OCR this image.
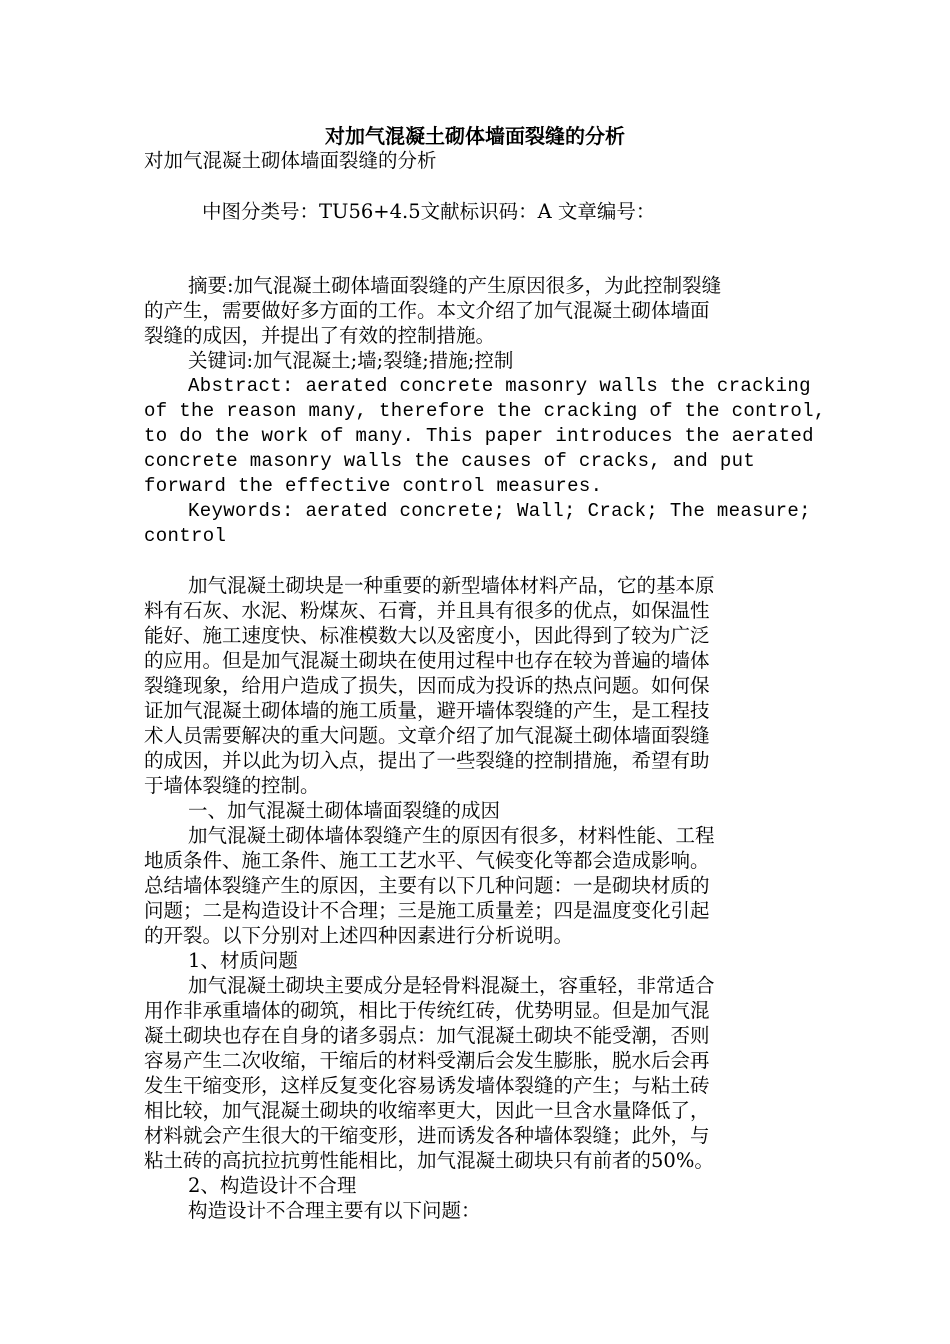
对加气混凝土砌体墙面裂缝的分析
对加气混凝土砌体墙面裂缝的分析
中图分类号：TU56+4.5文献标识码：A 文章编号：
摘要:加气混凝土砌体墙面裂缝的产生原因很多，为此控制裂缝
的产生，需要做好多方面的工作。本文介绍了加气混凝土砌体墙面
裂缝的成因，并提出了有效的控制措施。
关键词:加气混凝土;墙;裂缝;措施;控制
Abstract: aerated concrete masonry walls the cracking
of the reason many, therefore the cracking of the control,
to do the work of many. This paper introduces the aerated
concrete masonry walls the causes of cracks, and put
forward the effective control measures.
Keywords: aerated concrete; Wall; Crack; The measure;
control
加气混凝土砌块是一种重要的新型墙体材料产品，它的基本原
料有石灰、水泥、粉煤灰、石膏，并且具有很多的优点，如保温性
能好、施工速度快、标准模数大以及密度小，因此得到了较为广泛
的应用。但是加气混凝土砌块在使用过程中也存在较为普遍的墙体
裂缝现象，给用户造成了损失，因而成为投诉的热点问题。如何保
证加气混凝土砌体墙的施工质量，避开墙体裂缝的产生，是工程技
术人员需要解决的重大问题。文章介绍了加气混凝土砌体墙面裂缝
的成因，并以此为切入点，提出了一些裂缝的控制措施，希望有助
于墙体裂缝的控制。
一、加气混凝土砌体墙面裂缝的成因
加气混凝土砌体墙体裂缝产生的原因有很多，材料性能、工程
地质条件、施工条件、施工工艺水平、气候变化等都会造成影响。
总结墙体裂缝产生的原因，主要有以下几种问题：一是砌块材质的
问题；二是构造设计不合理；三是施工质量差；四是温度变化引起
的开裂。以下分别对上述四种因素进行分析说明。
1、材质问题
加气混凝土砌块主要成分是轻骨料混凝土，容重轻，非常适合
用作非承重墙体的砌筑，相比于传统红砖，优势明显。但是加气混
凝土砌块也存在自身的诸多弱点：加气混凝土砌块不能受潮，否则
容易产生二次收缩，干缩后的材料受潮后会发生膨胀，脱水后会再
发生干缩变形，这样反复变化容易诱发墙体裂缝的产生；与粘土砖
相比较，加气混凝土砌块的收缩率更大，因此一旦含水量降低了，
材料就会产生很大的干缩变形，进而诱发各种墙体裂缝；此外，与
粘土砖的高抗拉抗剪性能相比，加气混凝土砌块只有前者的50%。
2、构造设计不合理
构造设计不合理主要有以下问题：
